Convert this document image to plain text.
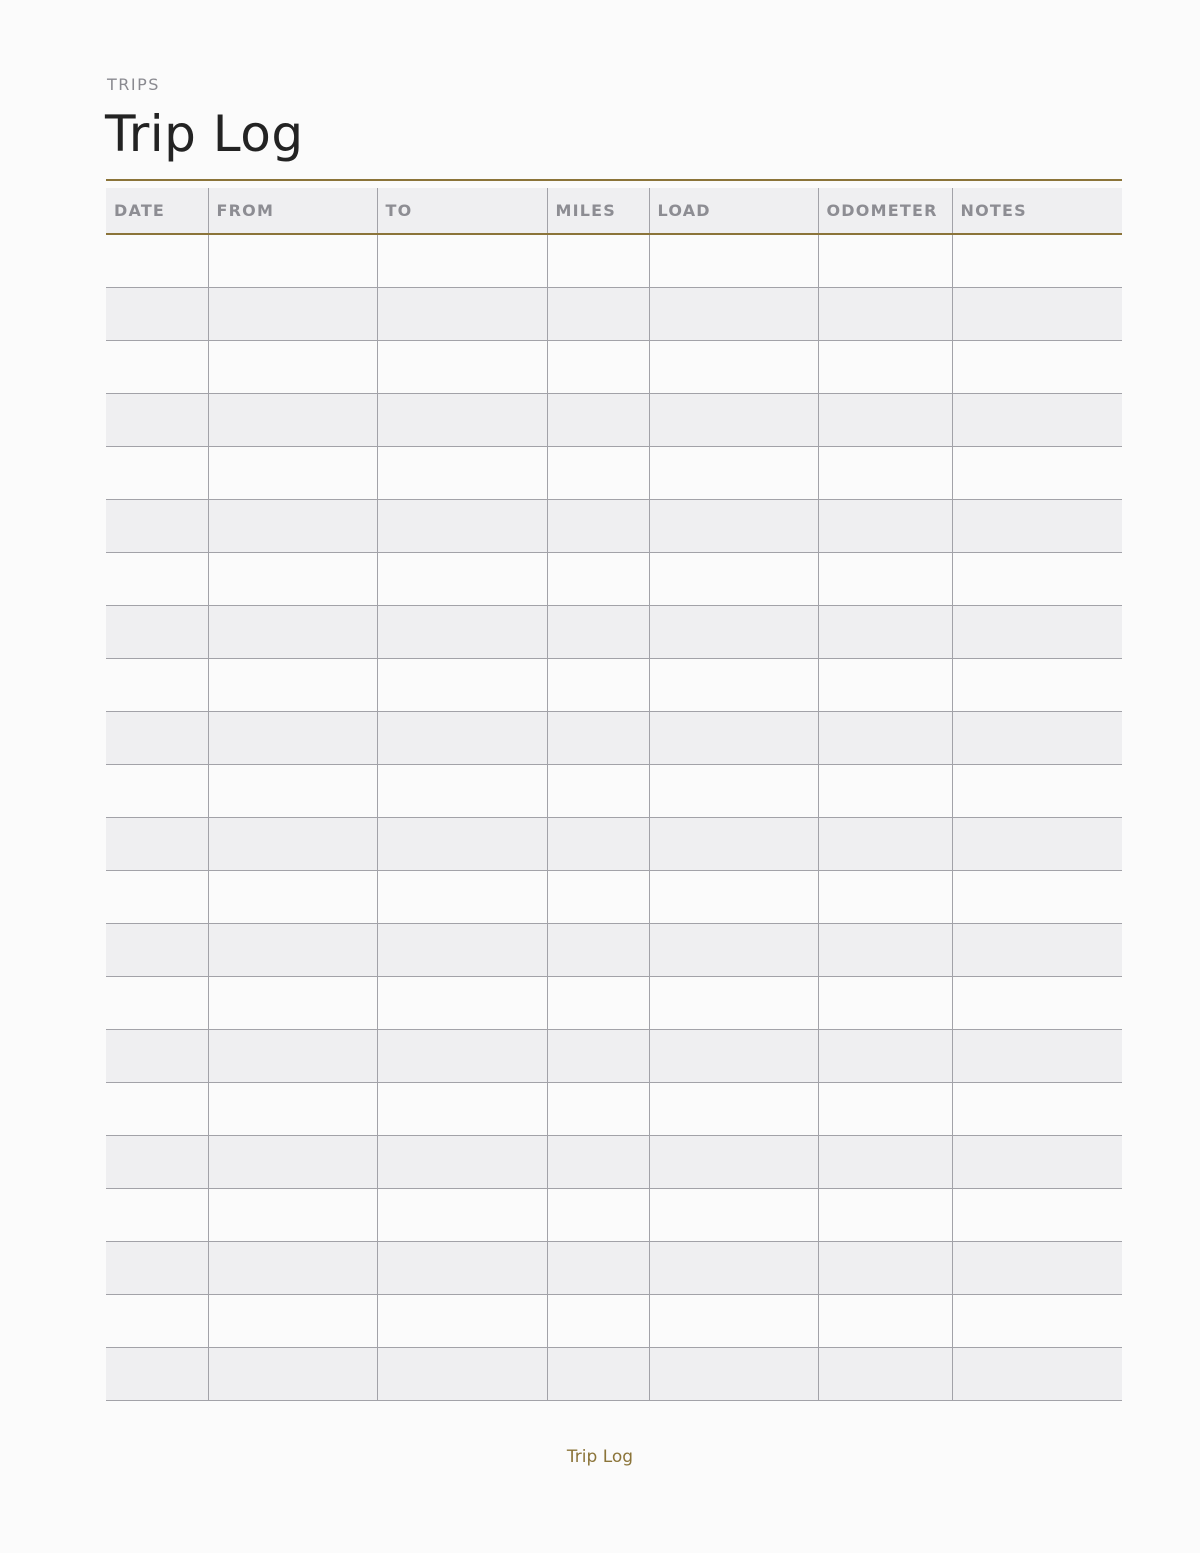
TRIPS
Trip Log
DATE	FROM	TO	MILES	LOAD	ODOMETER	NOTES

Trip Log
